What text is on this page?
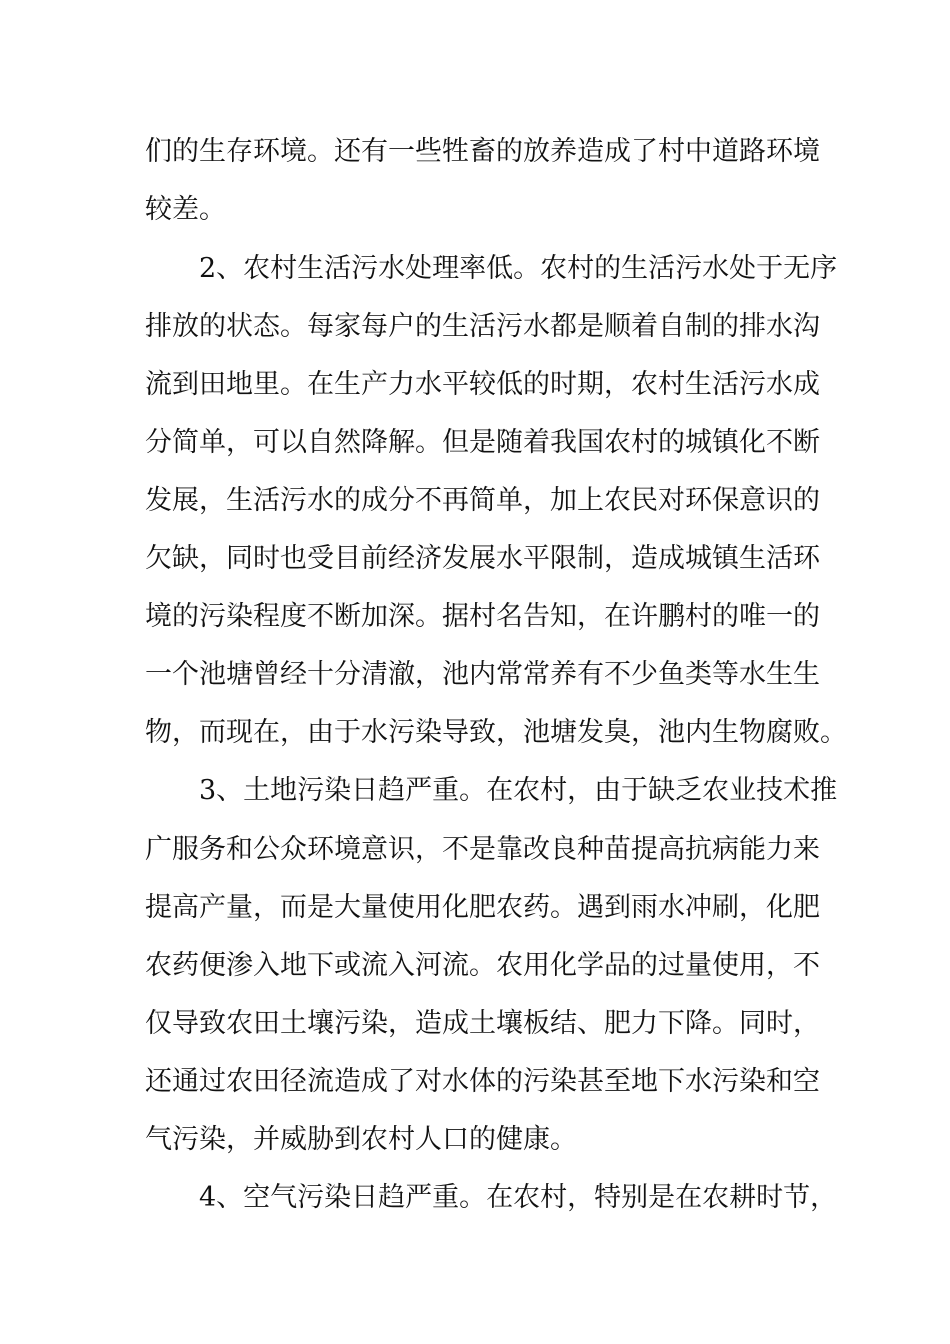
们的生存环境。还有一些牲畜的放养造成了村中道路环境
较差。
2、农村生活污水处理率低。农村的生活污水处于无序
排放的状态。每家每户的生活污水都是顺着自制的排水沟
流到田地里。在生产力水平较低的时期，农村生活污水成
分简单，可以自然降解。但是随着我国农村的城镇化不断
发展，生活污水的成分不再简单，加上农民对环保意识的
欠缺，同时也受目前经济发展水平限制，造成城镇生活环
境的污染程度不断加深。据村名告知，在许鹏村的唯一的
一个池塘曾经十分清澈，池内常常养有不少鱼类等水生生
物，而现在，由于水污染导致，池塘发臭，池内生物腐败。
3、土地污染日趋严重。在农村，由于缺乏农业技术推
广服务和公众环境意识，不是靠改良种苗提高抗病能力来
提高产量，而是大量使用化肥农药。遇到雨水冲刷，化肥
农药便渗入地下或流入河流。农用化学品的过量使用，不
仅导致农田土壤污染，造成土壤板结、肥力下降。同时，
还通过农田径流造成了对水体的污染甚至地下水污染和空
气污染，并威胁到农村人口的健康。
4、空气污染日趋严重。在农村，特别是在农耕时节，
